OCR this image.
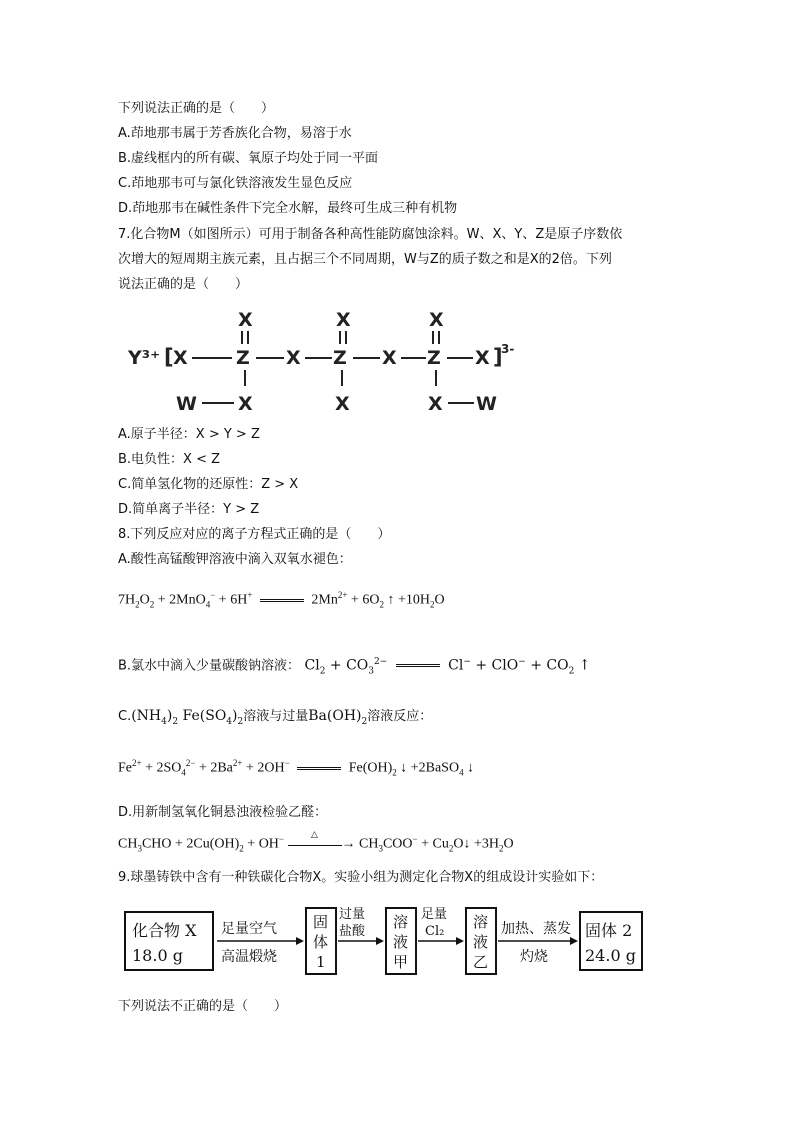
下列说法正确的是（　　）
A.茚地那韦属于芳香族化合物，易溶于水
B.虚线框内的所有碳、氧原子均处于同一平面
C.茚地那韦可与氯化铁溶液发生显色反应
D.茚地那韦在碱性条件下完全水解，最终可生成三种有机物
7.化合物M（如图所示）可用于制备各种高性能防腐蚀涂料。W、X、Y、Z是原子序数依
次增大的短周期主族元素，且占据三个不同周期，W与Z的质子数之和是X的2倍。下列
说法正确的是（　　）
Y³⁺ [ X	Z
X
X
W
X Z
X
X
X Z
X
X W
X ]
3-
A.原子半径：X > Y > Z
B.电负性：X < Z
C.简单氢化物的还原性：Z > X
D.简单离子半径：Y > Z
8.下列反应对应的离子方程式正确的是（　　）
A.酸性高锰酸钾溶液中滴入双氧水褪色：
$7H_2O_2 + 2MnO_4^- + 6H^+$	$2Mn^{2+} + 6O_2$ ↑ $+10H_2O$
B.氯水中滴入少量碳酸钠溶液： $Cl_2 + CO_3^{2-}$	$Cl^- + ClO^- + CO_2$ ↑
$C.(NH_4)_2$ $Fe(SO_4)_2$溶液与过量$Ba(OH)_2$溶液反应：
$Fe^{2+} + 2SO_4^{2-} + 2Ba^{2+} + 2OH^-$	$Fe(OH)_2$ ↓ +2BaSO$_4$ ↓
D.用新制氢氧化铜悬浊液检验乙醛：
$CH_3CHO + 2Cu(OH)_2 + OH^-$
△
→ $CH_3COO^-$ + $Cu_2O↓ +3H_2O$
9.球墨铸铁中含有一种铁碳化合物X。实验小组为测定化合物X的组成设计实验如下：
化合物 X
18.0 g
足量空气
高温煅烧
固
体
1
过量
盐酸
溶
液
甲
足量
Cl₂
溶
液
乙
加热、蒸发
灼烧
固体 2
24.0 g
下列说法不正确的是（　　）
